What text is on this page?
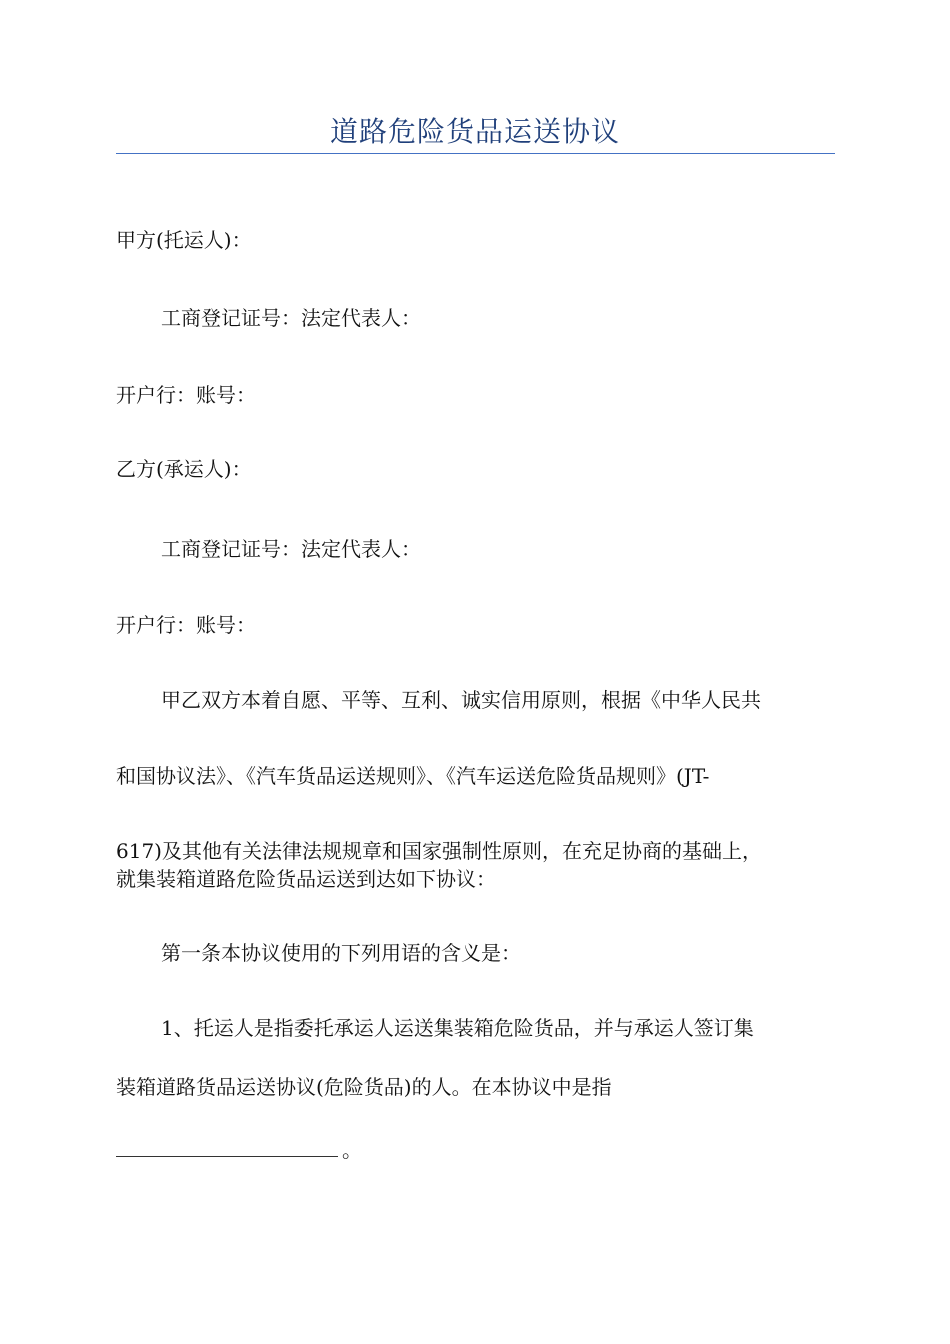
道路危险货品运送协议
甲方(托运人)：
工商登记证号：法定代表人：
开户行：账号：
乙方(承运人)：
工商登记证号：法定代表人：
开户行：账号：
甲乙双方本着自愿、平等、互利、诚实信用原则，根据《中华人民共
和国协议法》、《汽车货品运送规则》、《汽车运送危险货品规则》(JT-
617)及其他有关法律法规规章和国家强制性原则，在充足协商的基础上，
就集装箱道路危险货品运送到达如下协议：
第一条本协议使用的下列用语的含义是：
1、托运人是指委托承运人运送集装箱危险货品，并与承运人签订集
装箱道路货品运送协议(危险货品)的人。在本协议中是指
。
